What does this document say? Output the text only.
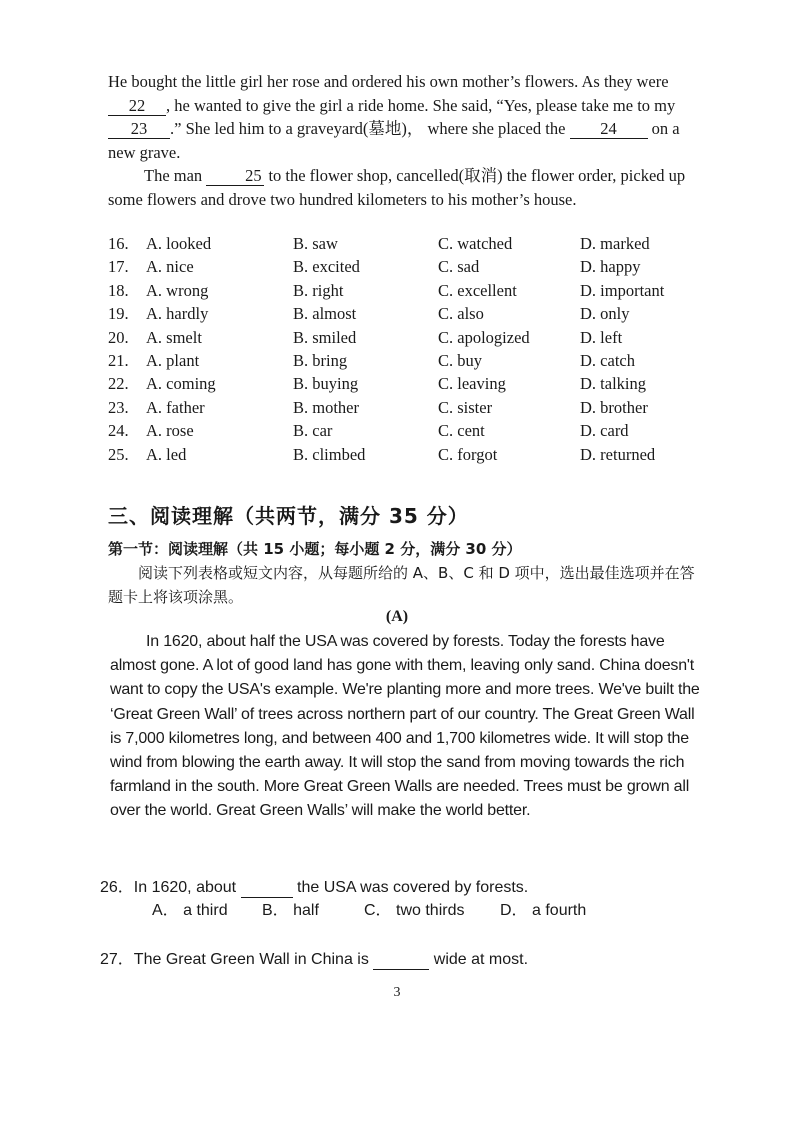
He bought the little girl her rose and ordered his own mother’s flowers. As they were 22 , he wanted to give the girl a ride home. She said, “Yes, please take me to my 23 .” She led him to a graveyard(墓地)， where she placed the 24 on a new grave.

The man 25 to the flower shop, cancelled(取消) the flower order, picked up some flowers and drove two hundred kilometers to his mother’s house.

16. A. looked	B. saw	C. watched	D. marked
17. A. nice	B. excited	C. sad	D. happy
18. A. wrong	B. right	C. excellent	D. important
19. A. hardly	B. almost	C. also	D. only
20. A. smelt	B. smiled	C. apologized	D. left
21. A. plant	B. bring	C. buy	D. catch
22. A. coming	B. buying	C. leaving	D. talking
23. A. father	B. mother	C. sister	D. brother
24. A. rose	B. car	C. cent	D. card
25. A. led	B. climbed	C. forgot	D. returned
三、阅读理解（共两节，满分 35 分）
第一节：阅读理解（共 15 小题；每小题 2 分，满分 30 分）

阅读下列表格或短文内容，从每题所给的 A、B、C 和 D 项中，选出最佳选项并在答题卡上将该项涂黑。

(A)

In 1620, about half the USA was covered by forests. Today the forests have almost gone. A lot of good land has gone with them, leaving only sand. China doesn't want to copy the USA's example. We're planting more and more trees. We've built the ‘Great Green Wall’ of trees across northern part of our country. The Great Green Wall is 7,000 kilometres long, and between 400 and 1,700 kilometres wide. It will stop the wind from blowing the earth away. It will stop the sand from moving towards the rich farmland in the south. More Great Green Walls are needed. Trees must be grown all over the world. Great Green Walls’ will make the world better.

26．In 1620, about	the USA was covered by forests.
A． a third B． half	C． two thirds D． a fourth
27．The Great Green Wall in China is	wide at most.
3
